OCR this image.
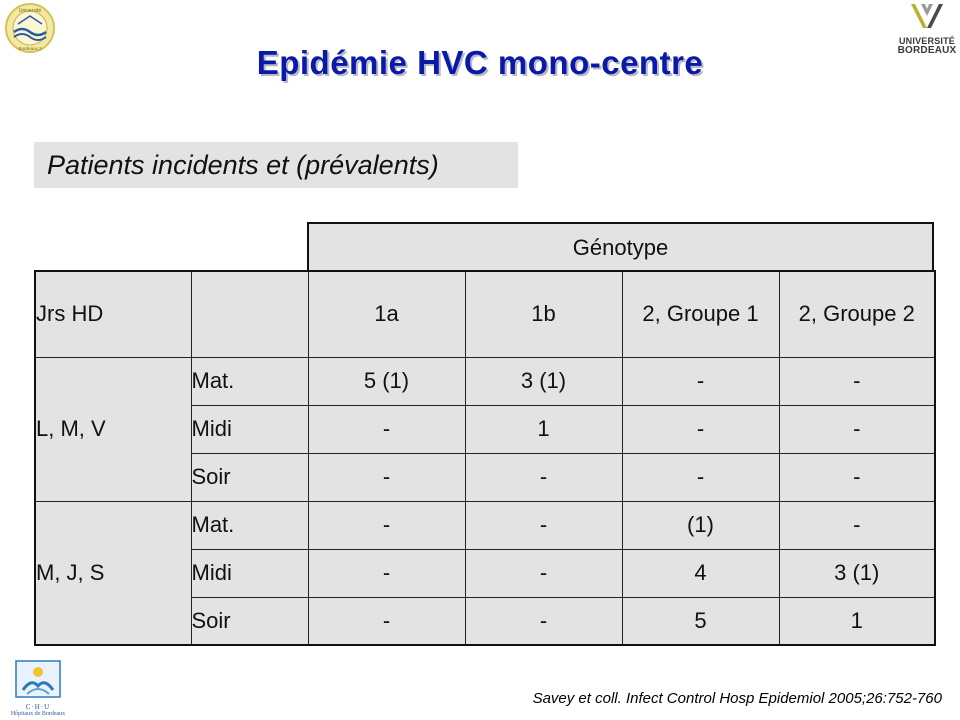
Université
Bordeaux 2
UNIVERSITÉ
BORDEAUX
Epidémie HVC mono-centre
Patients incidents et (prévalents)
Génotype
Jrs HD		1a	1b	2, Groupe 1	2, Groupe 2
L, M, V	Mat.	5 (1)	3 (1)	-	-
	Midi	-	1	-	-
	Soir	-	-	-	-
M, J, S	Mat.	-	-	(1)	-
	Midi	-	-	4	3 (1)
	Soir	-	-	5	1
C·H·U
Hôpitaux de Bordeaux
Savey et coll. Infect Control Hosp Epidemiol 2005;26:752-760
